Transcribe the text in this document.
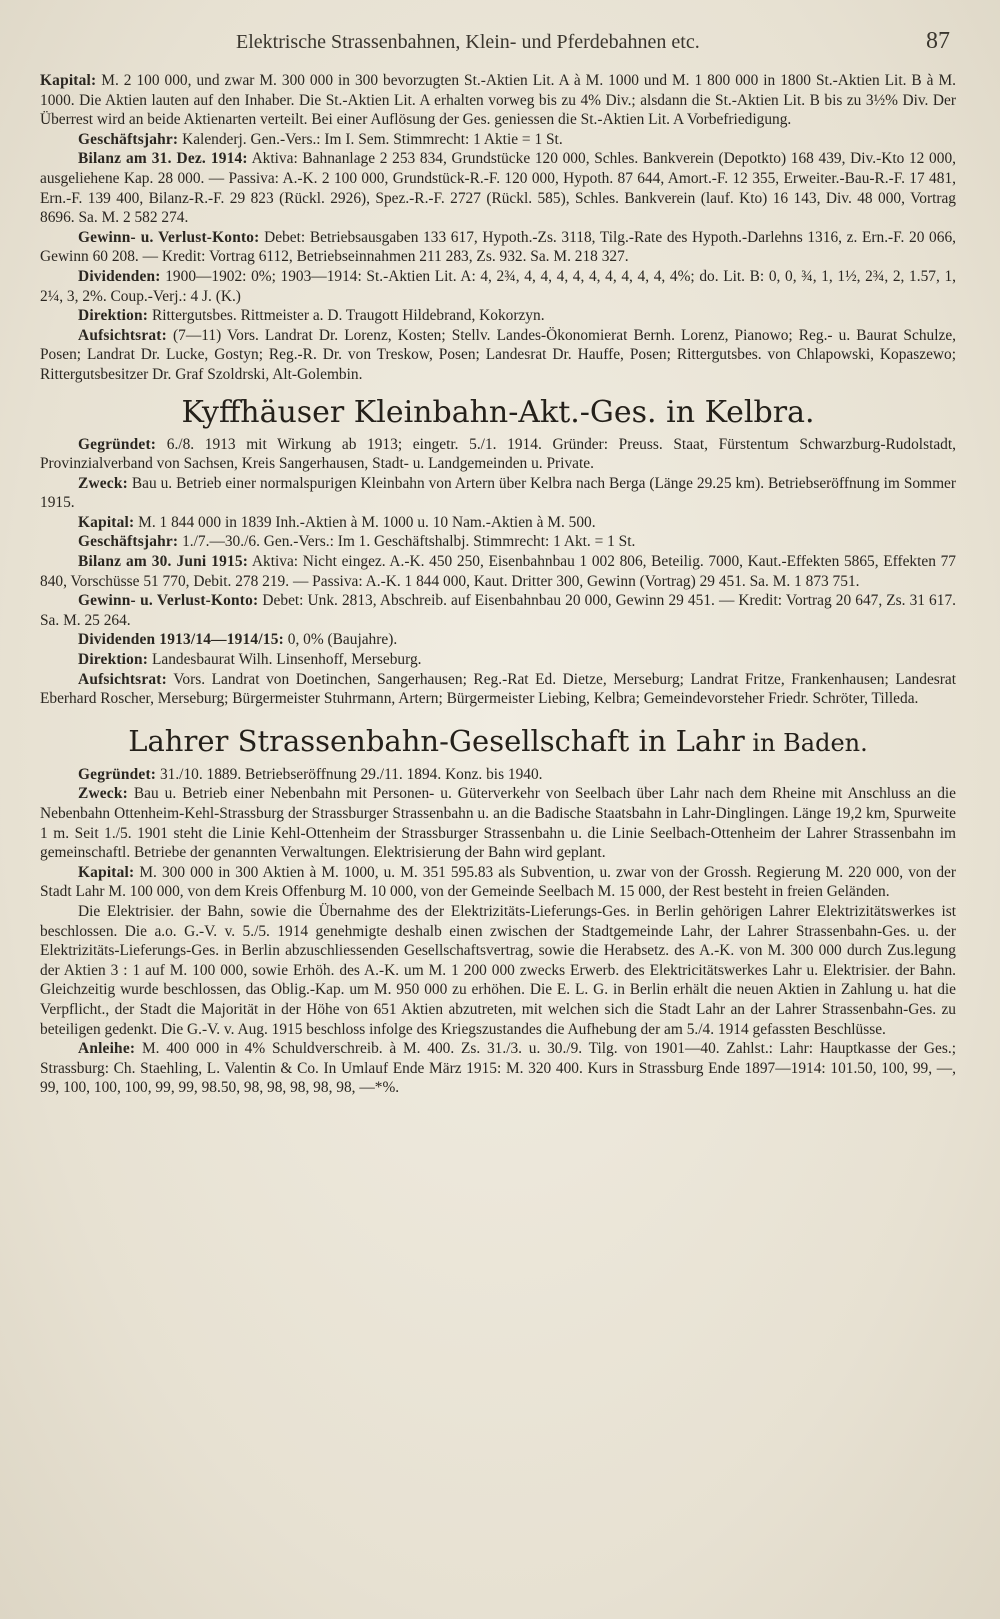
Elektrische Strassenbahnen, Klein- und Pferdebahnen etc.	87

Kapital: M. 2 100 000, und zwar M. 300 000 in 300 bevorzugten St.-Aktien Lit. A à M. 1000 und M. 1 800 000 in 1800 St.-Aktien Lit. B à M. 1000. Die Aktien lauten auf den Inhaber. Die St.-Aktien Lit. A erhalten vorweg bis zu 4% Div.; alsdann die St.-Aktien Lit. B bis zu 3½% Div. Der Überrest wird an beide Aktienarten verteilt. Bei einer Auflösung der Ges. geniessen die St.-Aktien Lit. A Vorbefriedigung.

Geschäftsjahr: Kalenderj. Gen.-Vers.: Im I. Sem. Stimmrecht: 1 Aktie = 1 St.

Bilanz am 31. Dez. 1914: Aktiva: Bahnanlage 2 253 834, Grundstücke 120 000, Schles. Bankverein (Depotkto) 168 439, Div.-Kto 12 000, ausgeliehene Kap. 28 000. — Passiva: A.-K. 2 100 000, Grundstück-R.-F. 120 000, Hypoth. 87 644, Amort.-F. 12 355, Erweiter.-Bau-R.-F. 17 481, Ern.-F. 139 400, Bilanz-R.-F. 29 823 (Rückl. 2926), Spez.-R.-F. 2727 (Rückl. 585), Schles. Bankverein (lauf. Kto) 16 143, Div. 48 000, Vortrag 8696. Sa. M. 2 582 274.

Gewinn- u. Verlust-Konto: Debet: Betriebsausgaben 133 617, Hypoth.-Zs. 3118, Tilg.-Rate des Hypoth.-Darlehns 1316, z. Ern.-F. 20 066, Gewinn 60 208. — Kredit: Vortrag 6112, Betriebseinnahmen 211 283, Zs. 932. Sa. M. 218 327.

Dividenden: 1900—1902: 0%; 1903—1914: St.-Aktien Lit. A: 4, 2¾, 4, 4, 4, 4, 4, 4, 4, 4, 4, 4%; do. Lit. B: 0, 0, ¾, 1, 1½, 2¾, 2, 1.57, 1, 2¼, 3, 2%. Coup.-Verj.: 4 J. (K.)

Direktion: Rittergutsbes. Rittmeister a. D. Traugott Hildebrand, Kokorzyn.

Aufsichtsrat: (7—11) Vors. Landrat Dr. Lorenz, Kosten; Stellv. Landes-Ökonomierat Bernh. Lorenz, Pianowo; Reg.- u. Baurat Schulze, Posen; Landrat Dr. Lucke, Gostyn; Reg.-R. Dr. von Treskow, Posen; Landesrat Dr. Hauffe, Posen; Rittergutsbes. von Chlapowski, Kopaszewo; Rittergutsbesitzer Dr. Graf Szoldrski, Alt-Golembin.

Kyffhäuser Kleinbahn-Akt.-Ges. in Kelbra.

Gegründet: 6./8. 1913 mit Wirkung ab 1913; eingetr. 5./1. 1914. Gründer: Preuss. Staat, Fürstentum Schwarzburg-Rudolstadt, Provinzialverband von Sachsen, Kreis Sangerhausen, Stadt- u. Landgemeinden u. Private.

Zweck: Bau u. Betrieb einer normalspurigen Kleinbahn von Artern über Kelbra nach Berga (Länge 29.25 km). Betriebseröffnung im Sommer 1915.

Kapital: M. 1 844 000 in 1839 Inh.-Aktien à M. 1000 u. 10 Nam.-Aktien à M. 500.

Geschäftsjahr: 1./7.—30./6. Gen.-Vers.: Im 1. Geschäftshalbj. Stimmrecht: 1 Akt. = 1 St.

Bilanz am 30. Juni 1915: Aktiva: Nicht eingez. A.-K. 450 250, Eisenbahnbau 1 002 806, Beteilig. 7000, Kaut.-Effekten 5865, Effekten 77 840, Vorschüsse 51 770, Debit. 278 219. — Passiva: A.-K. 1 844 000, Kaut. Dritter 300, Gewinn (Vortrag) 29 451. Sa. M. 1 873 751.

Gewinn- u. Verlust-Konto: Debet: Unk. 2813, Abschreib. auf Eisenbahnbau 20 000, Gewinn 29 451. — Kredit: Vortrag 20 647, Zs. 31 617. Sa. M. 25 264.

Dividenden 1913/14—1914/15: 0, 0% (Baujahre).

Direktion: Landesbaurat Wilh. Linsenhoff, Merseburg.

Aufsichtsrat: Vors. Landrat von Doetinchen, Sangerhausen; Reg.-Rat Ed. Dietze, Merseburg; Landrat Fritze, Frankenhausen; Landesrat Eberhard Roscher, Merseburg; Bürgermeister Stuhrmann, Artern; Bürgermeister Liebing, Kelbra; Gemeindevorsteher Friedr. Schröter, Tilleda.

Lahrer Strassenbahn-Gesellschaft in Lahr in Baden.

Gegründet: 31./10. 1889. Betriebseröffnung 29./11. 1894. Konz. bis 1940.

Zweck: Bau u. Betrieb einer Nebenbahn mit Personen- u. Güterverkehr von Seelbach über Lahr nach dem Rheine mit Anschluss an die Nebenbahn Ottenheim-Kehl-Strassburg der Strassburger Strassenbahn u. an die Badische Staatsbahn in Lahr-Dinglingen. Länge 19,2 km, Spurweite 1 m. Seit 1./5. 1901 steht die Linie Kehl-Ottenheim der Strassburger Strassenbahn u. die Linie Seelbach-Ottenheim der Lahrer Strassenbahn im gemeinschaftl. Betriebe der genannten Verwaltungen. Elektrisierung der Bahn wird geplant.

Kapital: M. 300 000 in 300 Aktien à M. 1000, u. M. 351 595.83 als Subvention, u. zwar von der Grossh. Regierung M. 220 000, von der Stadt Lahr M. 100 000, von dem Kreis Offenburg M. 10 000, von der Gemeinde Seelbach M. 15 000, der Rest besteht in freien Geländen.

Die Elektrisier. der Bahn, sowie die Übernahme des der Elektrizitäts-Lieferungs-Ges. in Berlin gehörigen Lahrer Elektrizitätswerkes ist beschlossen. Die a.o. G.-V. v. 5./5. 1914 genehmigte deshalb einen zwischen der Stadtgemeinde Lahr, der Lahrer Strassenbahn-Ges. u. der Elektrizitäts-Lieferungs-Ges. in Berlin abzuschliessenden Gesellschaftsvertrag, sowie die Herabsetz. des A.-K. von M. 300 000 durch Zus.legung der Aktien 3 : 1 auf M. 100 000, sowie Erhöh. des A.-K. um M. 1 200 000 zwecks Erwerb. des Elektricitätswerkes Lahr u. Elektrisier. der Bahn. Gleichzeitig wurde beschlossen, das Oblig.-Kap. um M. 950 000 zu erhöhen. Die E. L. G. in Berlin erhält die neuen Aktien in Zahlung u. hat die Verpflicht., der Stadt die Majorität in der Höhe von 651 Aktien abzutreten, mit welchen sich die Stadt Lahr an der Lahrer Strassenbahn-Ges. zu beteiligen gedenkt. Die G.-V. v. Aug. 1915 beschloss infolge des Kriegszustandes die Aufhebung der am 5./4. 1914 gefassten Beschlüsse.

Anleihe: M. 400 000 in 4% Schuldverschreib. à M. 400. Zs. 31./3. u. 30./9. Tilg. von 1901—40. Zahlst.: Lahr: Hauptkasse der Ges.; Strassburg: Ch. Staehling, L. Valentin & Co. In Umlauf Ende März 1915: M. 320 400. Kurs in Strassburg Ende 1897—1914: 101.50, 100, 99, —, 99, 100, 100, 100, 99, 99, 98.50, 98, 98, 98, 98, 98, —*%.
